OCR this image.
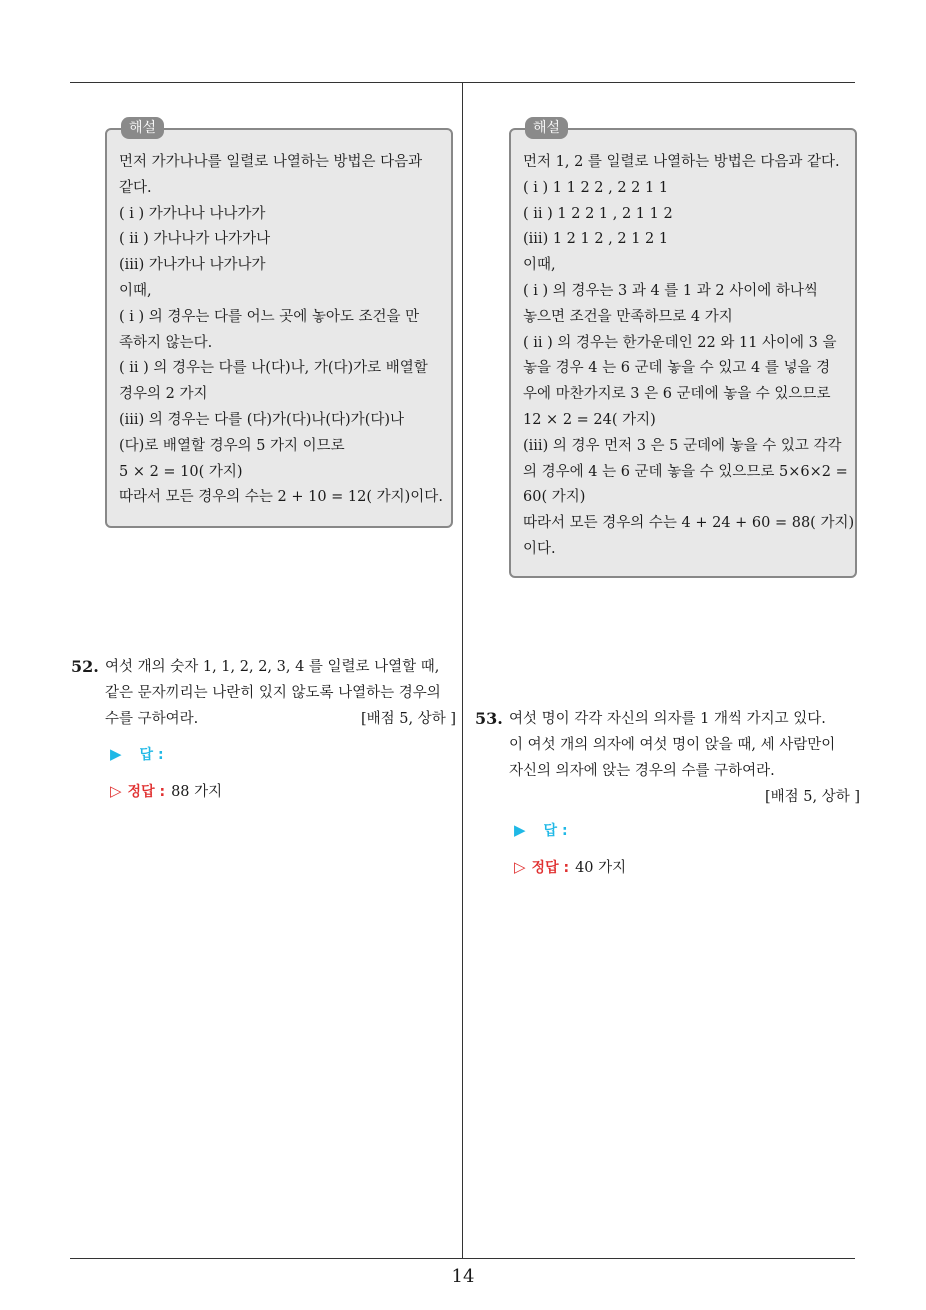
해설
먼저 가가나나를 일렬로 나열하는 방법은 다음과
같다.
( i ) 가가나나 나나가가
( ii ) 가나나가 나가가나
(iii) 가나가나 나가나가
이때,
( i ) 의 경우는 다를 어느 곳에 놓아도 조건을 만
족하지 않는다.
( ii ) 의 경우는 다를 나(다)나, 가(다)가로 배열할
경우의 2 가지
(iii) 의 경우는 다를 (다)가(다)나(다)가(다)나
(다)로 배열할 경우의 5 가지 이므로
5 × 2 = 10( 가지)
따라서 모든 경우의 수는 2 + 10 = 12( 가지)이다.
해설
먼저 1, 2 를 일렬로 나열하는 방법은 다음과 같다.
( i ) 1 1 2 2 , 2 2 1 1
( ii ) 1 2 2 1 , 2 1 1 2
(iii) 1 2 1 2 , 2 1 2 1
이때,
( i ) 의 경우는 3 과 4 를 1 과 2 사이에 하나씩
놓으면 조건을 만족하므로 4 가지
( ii ) 의 경우는 한가운데인 22 와 11 사이에 3 을
놓을 경우 4 는 6 군데 놓을 수 있고 4 를 넣을 경
우에 마찬가지로 3 은 6 군데에 놓을 수 있으므로
12 × 2 = 24( 가지)
(iii) 의 경우 먼저 3 은 5 군데에 놓을 수 있고 각각
의 경우에 4 는 6 군데 놓을 수 있으므로 5×6×2 =
60( 가지)
따라서 모든 경우의 수는 4 + 24 + 60 = 88( 가지)
이다.
52. 여섯 개의 숫자 1, 1, 2, 2, 3, 4 를 일렬로 나열할 때,
같은 문자끼리는 나란히 있지 않도록 나열하는 경우의
수를 구하여라.	[배점 5, 상하 ]
▶ 답 :
▷ 정답 : 88 가지
53. 여섯 명이 각각 자신의 의자를 1 개씩 가지고 있다.
이 여섯 개의 의자에 여섯 명이 앉을 때, 세 사람만이
자신의 의자에 앉는 경우의 수를 구하여라.
[배점 5, 상하 ]
▶ 답 :
▷ 정답 : 40 가지
14
